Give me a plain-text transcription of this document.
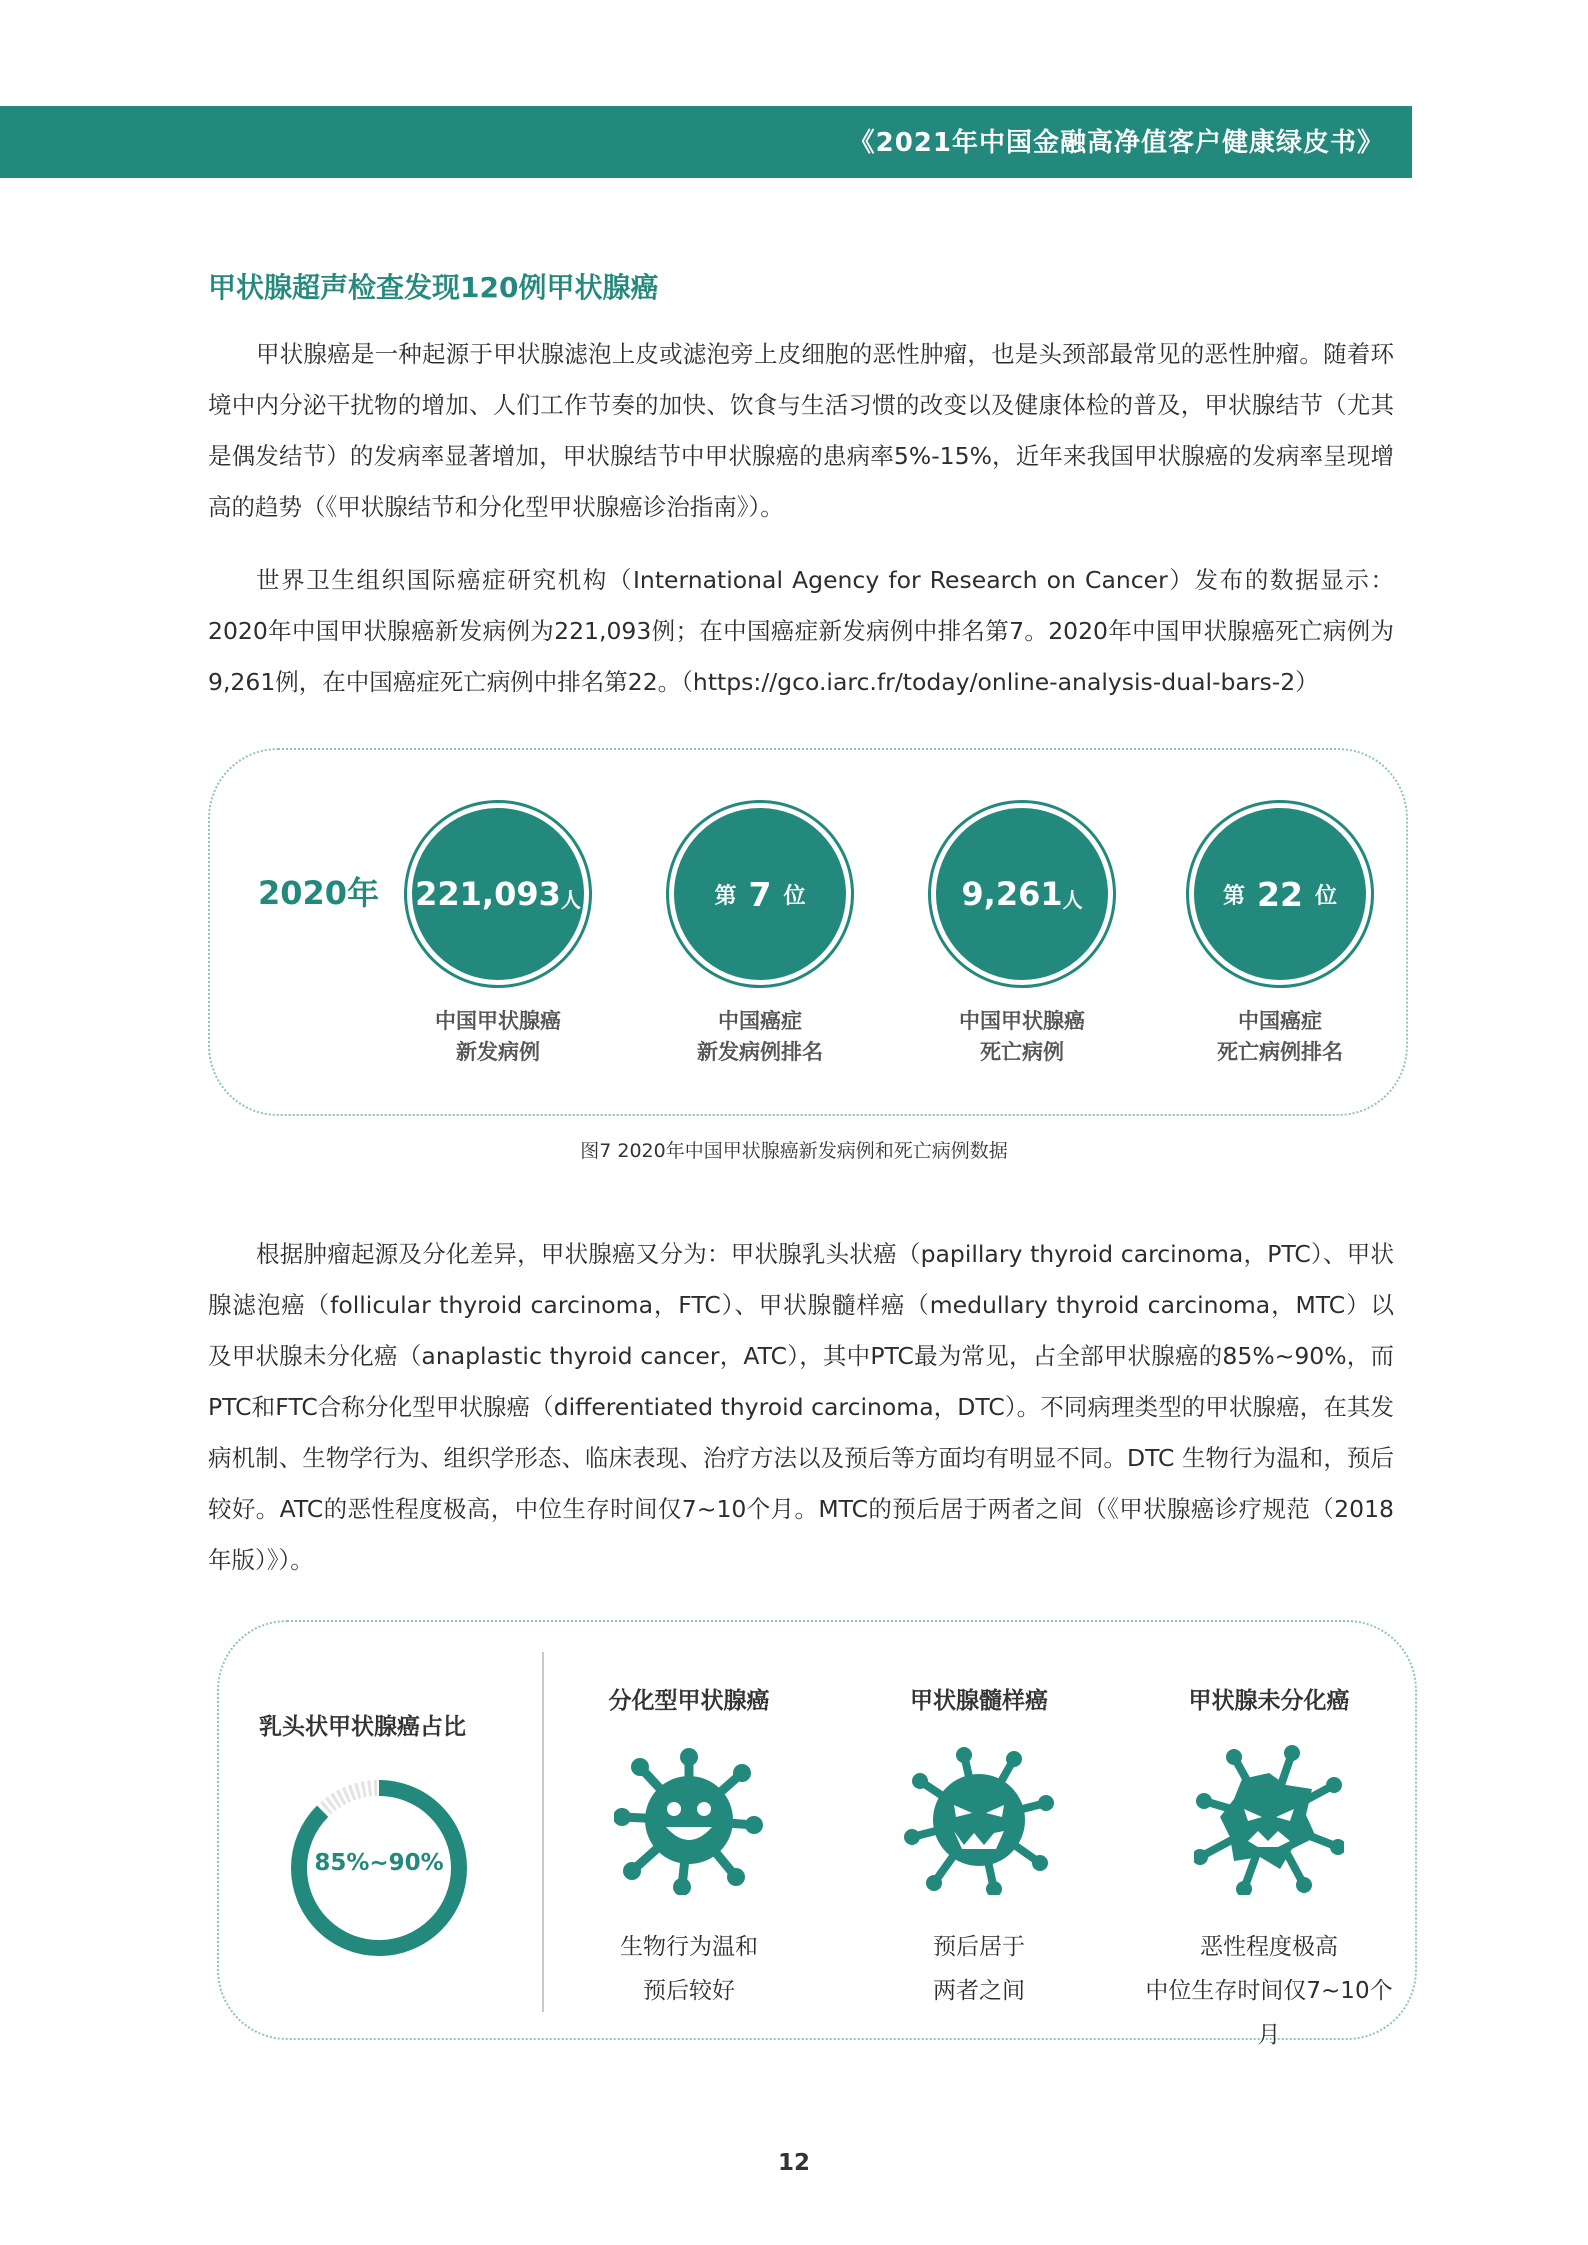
《2021年中国金融高净值客户健康绿皮书》
甲状腺超声检查发现120例甲状腺癌
甲状腺癌是一种起源于甲状腺滤泡上皮或滤泡旁上皮细胞的恶性肿瘤，也是头颈部最常见的恶性肿瘤。随着环境中内分泌干扰物的增加、人们工作节奏的加快、饮食与生活习惯的改变以及健康体检的普及，甲状腺结节（尤其是偶发结节）的发病率显著增加，甲状腺结节中甲状腺癌的患病率5%-15%，近年来我国甲状腺癌的发病率呈现增高的趋势（《甲状腺结节和分化型甲状腺癌诊治指南》）。
世界卫生组织国际癌症研究机构（International Agency for Research on Cancer）发布的数据显示：2020年中国甲状腺癌新发病例为221,093例；在中国癌症新发病例中排名第7。2020年中国甲状腺癌死亡病例为9,261例，在中国癌症死亡病例中排名第22。（https://gco.iarc.fr/today/online-analysis-dual-bars-2）
2020年 221,093 人
中国甲状腺癌
新发病例
第 7 位
中国癌症
新发病例排名
9,261 人
中国甲状腺癌
死亡病例
第 22 位
中国癌症
死亡病例排名
图7 2020年中国甲状腺癌新发病例和死亡病例数据
根据肿瘤起源及分化差异，甲状腺癌又分为：甲状腺乳头状癌（papillary thyroid carcinoma，PTC）、甲状腺滤泡癌（follicular thyroid carcinoma，FTC）、甲状腺髓样癌（medullary thyroid carcinoma，MTC）以及甲状腺未分化癌（anaplastic thyroid cancer，ATC），其中PTC最为常见，占全部甲状腺癌的85%~90%，而PTC和FTC合称分化型甲状腺癌（differentiated thyroid carcinoma，DTC）。不同病理类型的甲状腺癌，在其发病机制、生物学行为、组织学形态、临床表现、治疗方法以及预后等方面均有明显不同。DTC 生物行为温和，预后较好。ATC的恶性程度极高，中位生存时间仅7~10个月。MTC的预后居于两者之间（《甲状腺癌诊疗规范（2018 年版）》）。
乳头状甲状腺癌占比
85%~90%
分化型甲状腺癌
生物行为温和
预后较好
甲状腺髓样癌
预后居于
两者之间
甲状腺未分化癌
恶性程度极高
中位生存时间仅7~10个月
12
